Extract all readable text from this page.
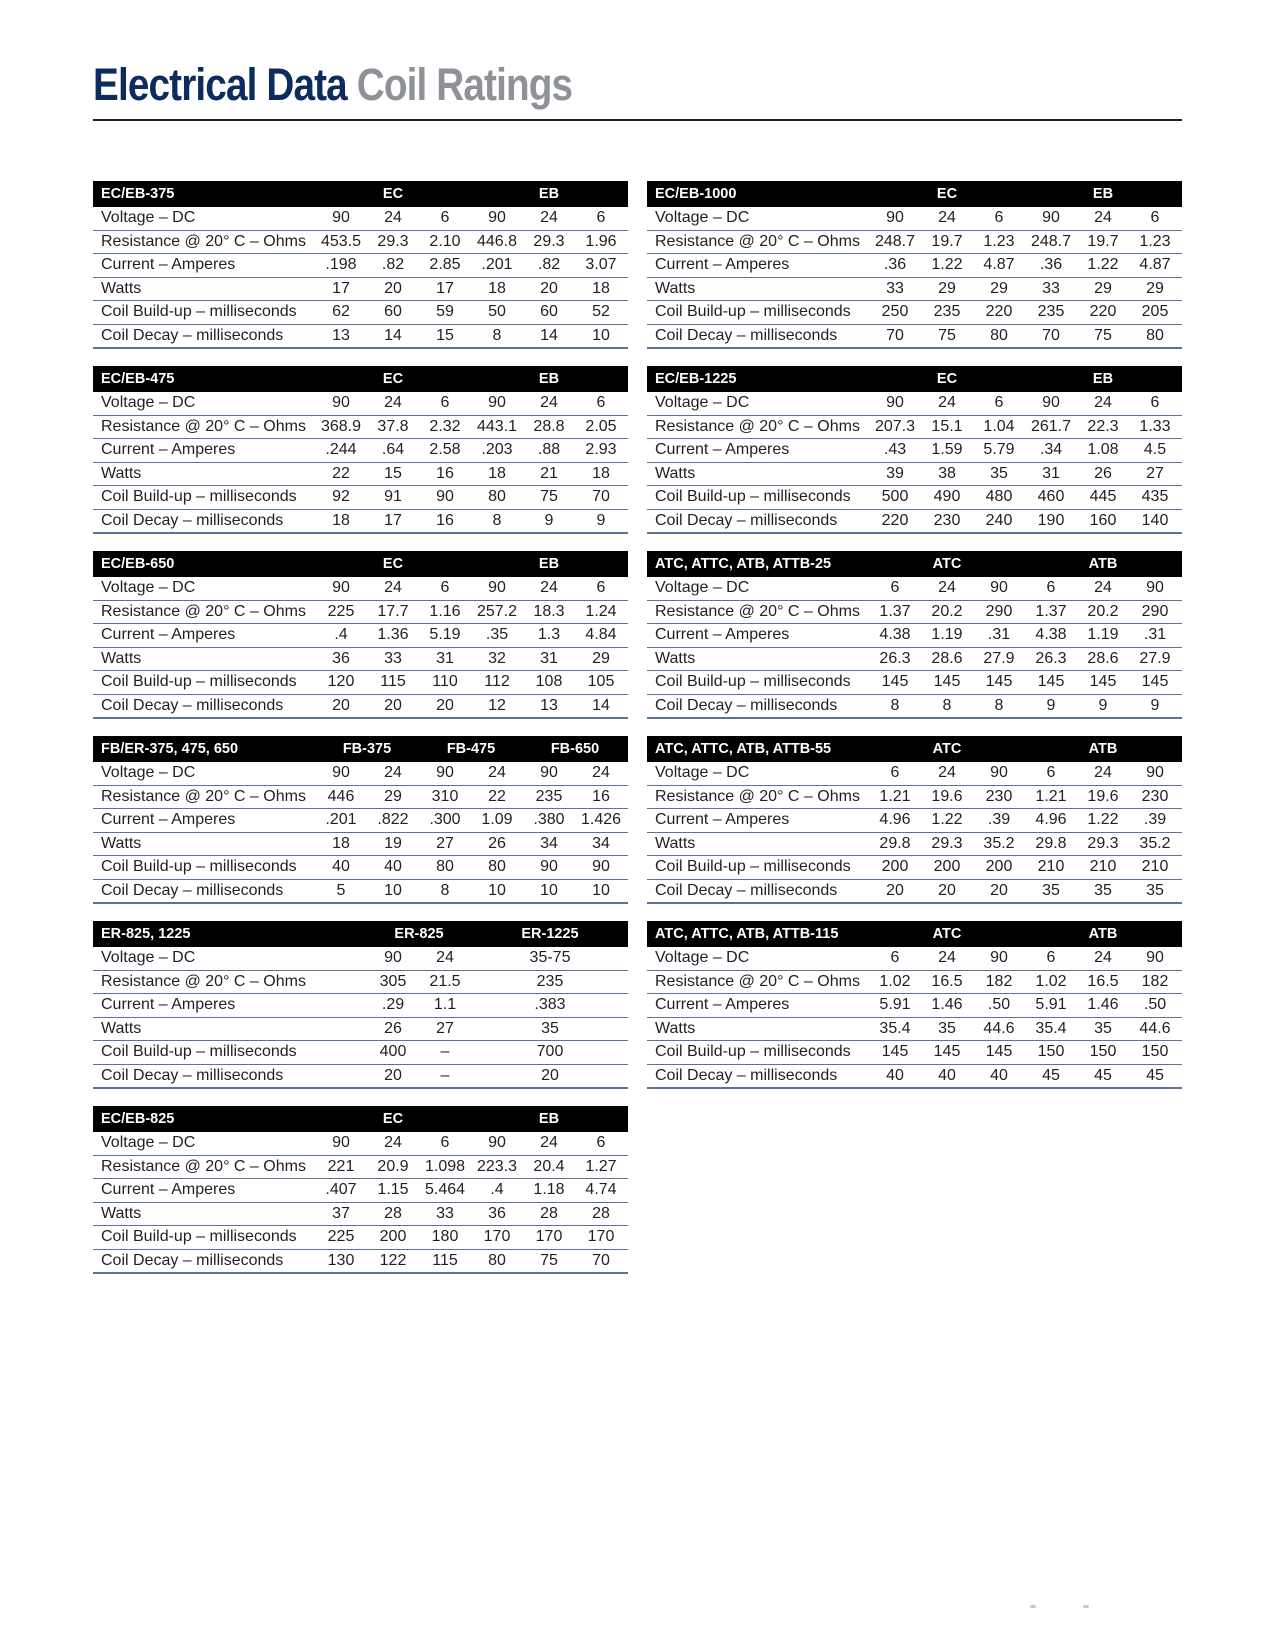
Electrical Data Coil Ratings
EC/EB-375	EC	EB
Voltage – DC	90 24 6 90 24 6
Resistance @ 20° C – Ohms 453.5 29.3 2.10 446.8 29.3 1.96
Current – Amperes	.198 .82 2.85 .201 .82 3.07
Watts	17 20 17 18 20 18
Coil Build-up – milliseconds 62 60 59 50 60 52
Coil Decay – milliseconds	13 14 15 8 14 10
EC/EB-1000	EC	EB
Voltage – DC	90 24 6 90 24 6
Resistance @ 20° C – Ohms 248.7 19.7 1.23 248.7 19.7 1.23
Current – Amperes	.36 1.22 4.87 .36 1.22 4.87
Watts	33 29 29 33 29 29
Coil Build-up – milliseconds 250 235 220 235 220 205
Coil Decay – milliseconds	70 75 80 70 75 80
EC/EB-475	EC	EB
Voltage – DC	90 24 6 90 24 6
Resistance @ 20° C – Ohms 368.9 37.8 2.32 443.1 28.8 2.05
Current – Amperes	.244 .64 2.58 .203 .88 2.93
Watts	22 15 16 18 21 18
Coil Build-up – milliseconds 92 91 90 80 75 70
Coil Decay – milliseconds	18 17 16 8	9	9
EC/EB-1225	EC	EB
Voltage – DC	90 24 6 90 24 6
Resistance @ 20° C – Ohms 207.3 15.1 1.04 261.7 22.3 1.33
Current – Amperes	.43 1.59 5.79 .34 1.08 4.5
Watts	39 38 35 31 26 27
Coil Build-up – milliseconds 500 490 480 460 445 435
Coil Decay – milliseconds	220 230 240 190 160 140
EC/EB-650	EC	EB
Voltage – DC	90 24 6 90 24 6
Resistance @ 20° C – Ohms 225 17.7 1.16 257.2 18.3 1.24
Current – Amperes	.4 1.36 5.19 .35 1.3 4.84
Watts	36 33 31 32 31 29
Coil Build-up – milliseconds 120 115 110 112 108 105
Coil Decay – milliseconds	20 20 20 12 13 14
ATC, ATTC, ATB, ATTB-25	ATC	ATB
Voltage – DC	6 24 90 6 24 90
Resistance @ 20° C – Ohms 1.37 20.2 290 1.37 20.2 290
Current – Amperes	4.38 1.19 .31 4.38 1.19 .31
Watts	26.3 28.6 27.9 26.3 28.6 27.9
Coil Build-up – milliseconds 145 145 145 145 145 145
Coil Decay – milliseconds	8	8	8	9	9	9
FB/ER-375, 475, 650	FB-375	FB-475	FB-650
Voltage – DC	90 24 90 24 90 24
Resistance @ 20° C – Ohms 446 29 310 22 235 16
Current – Amperes	.201 .822 .300 1.09 .380 1.426
Watts	18 19 27 26 34 34
Coil Build-up – milliseconds 40 40 80 80 90 90
Coil Decay – milliseconds	5 10 8 10 10 10
ATC, ATTC, ATB, ATTB-55	ATC	ATB
Voltage – DC	6 24 90 6 24 90
Resistance @ 20° C – Ohms 1.21 19.6 230 1.21 19.6 230
Current – Amperes	4.96 1.22 .39 4.96 1.22 .39
Watts	29.8 29.3 35.2 29.8 29.3 35.2
Coil Build-up – milliseconds 200 200 200 210 210 210
Coil Decay – milliseconds	20 20 20 35 35 35
ER-825, 1225	ER-825	ER-1225
Voltage – DC	90 24	35-75
Resistance @ 20° C – Ohms	305 21.5	235
Current – Amperes	.29 1.1	.383
Watts	26 27	35
Coil Build-up – milliseconds	400 –	700
Coil Decay – milliseconds	20 –	20
ATC, ATTC, ATB, ATTB-115	ATC	ATB
Voltage – DC	6 24 90 6 24 90
Resistance @ 20° C – Ohms 1.02 16.5 182 1.02 16.5 182
Current – Amperes	5.91 1.46 .50 5.91 1.46 .50
Watts	35.4 35 44.6 35.4 35 44.6
Coil Build-up – milliseconds 145 145 145 150 150 150
Coil Decay – milliseconds	40 40 40 45 45 45
EC/EB-825	EC	EB
Voltage – DC	90 24 6 90 24 6
Resistance @ 20° C – Ohms 221 20.9 1.098 223.3 20.4 1.27
Current – Amperes	.407 1.15 5.464 .4 1.18 4.74
Watts	37 28 33 36 28 28
Coil Build-up – milliseconds 225 200 180 170 170 170
Coil Decay – milliseconds	130 122 115 80 75 70
